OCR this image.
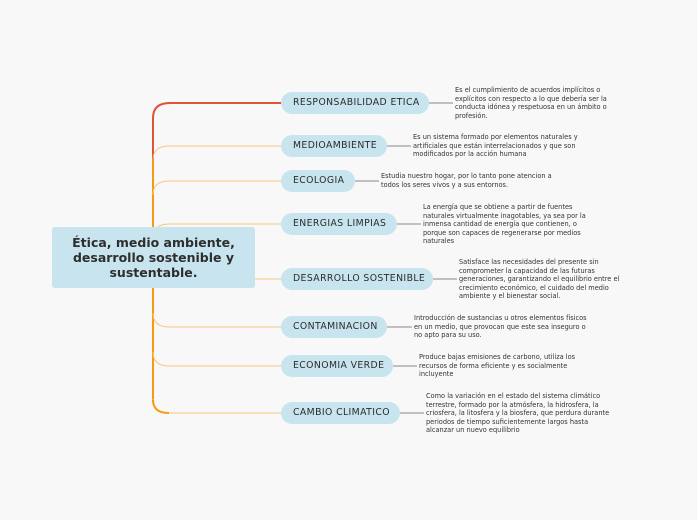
Ética, medio ambiente, desarrollo sostenible y sustentable.
RESPONSABILIDAD ETICA
Es el cumplimiento de acuerdos implícitos o explícitos con respecto a lo que debería ser la conducta idónea y respetuosa en un ámbito o profesión.
MEDIOAMBIENTE
Es un sistema formado por elementos naturales y artificiales que están interrelacionados y que son modificados por la acción humana
ECOLOGIA	Estudia nuestro hogar, por lo tanto pone atencion a todos los seres vivos y a sus entornos.
ENERGIAS LIMPIAS
La energía que se obtiene a partir de fuentes naturales virtualmente inagotables, ya sea por la inmensa cantidad de energía que contienen, o porque son capaces de regenerarse por medios naturales
DESARROLLO SOSTENIBLE
Satisface las necesidades del presente sin comprometer la capacidad de las futuras generaciones, garantizando el equilibrio entre el crecimiento económico, el cuidado del medio ambiente y el bienestar social.
CONTAMINACION
Introducción de sustancias u otros elementos físicos en un medio, que provocan que este sea inseguro o no apto para su uso.
ECONOMIA VERDE
Produce bajas emisiones de carbono, utiliza los recursos de forma eficiente y es socialmente incluyente
CAMBIO CLIMATICO
Como la variación en el estado del sistema climático terrestre, formado por la atmósfera, la hidrosfera, la criosfera, la litosfera y la biosfera, que perdura durante periodos de tiempo suficientemente largos hasta alcanzar un nuevo equilibrio
